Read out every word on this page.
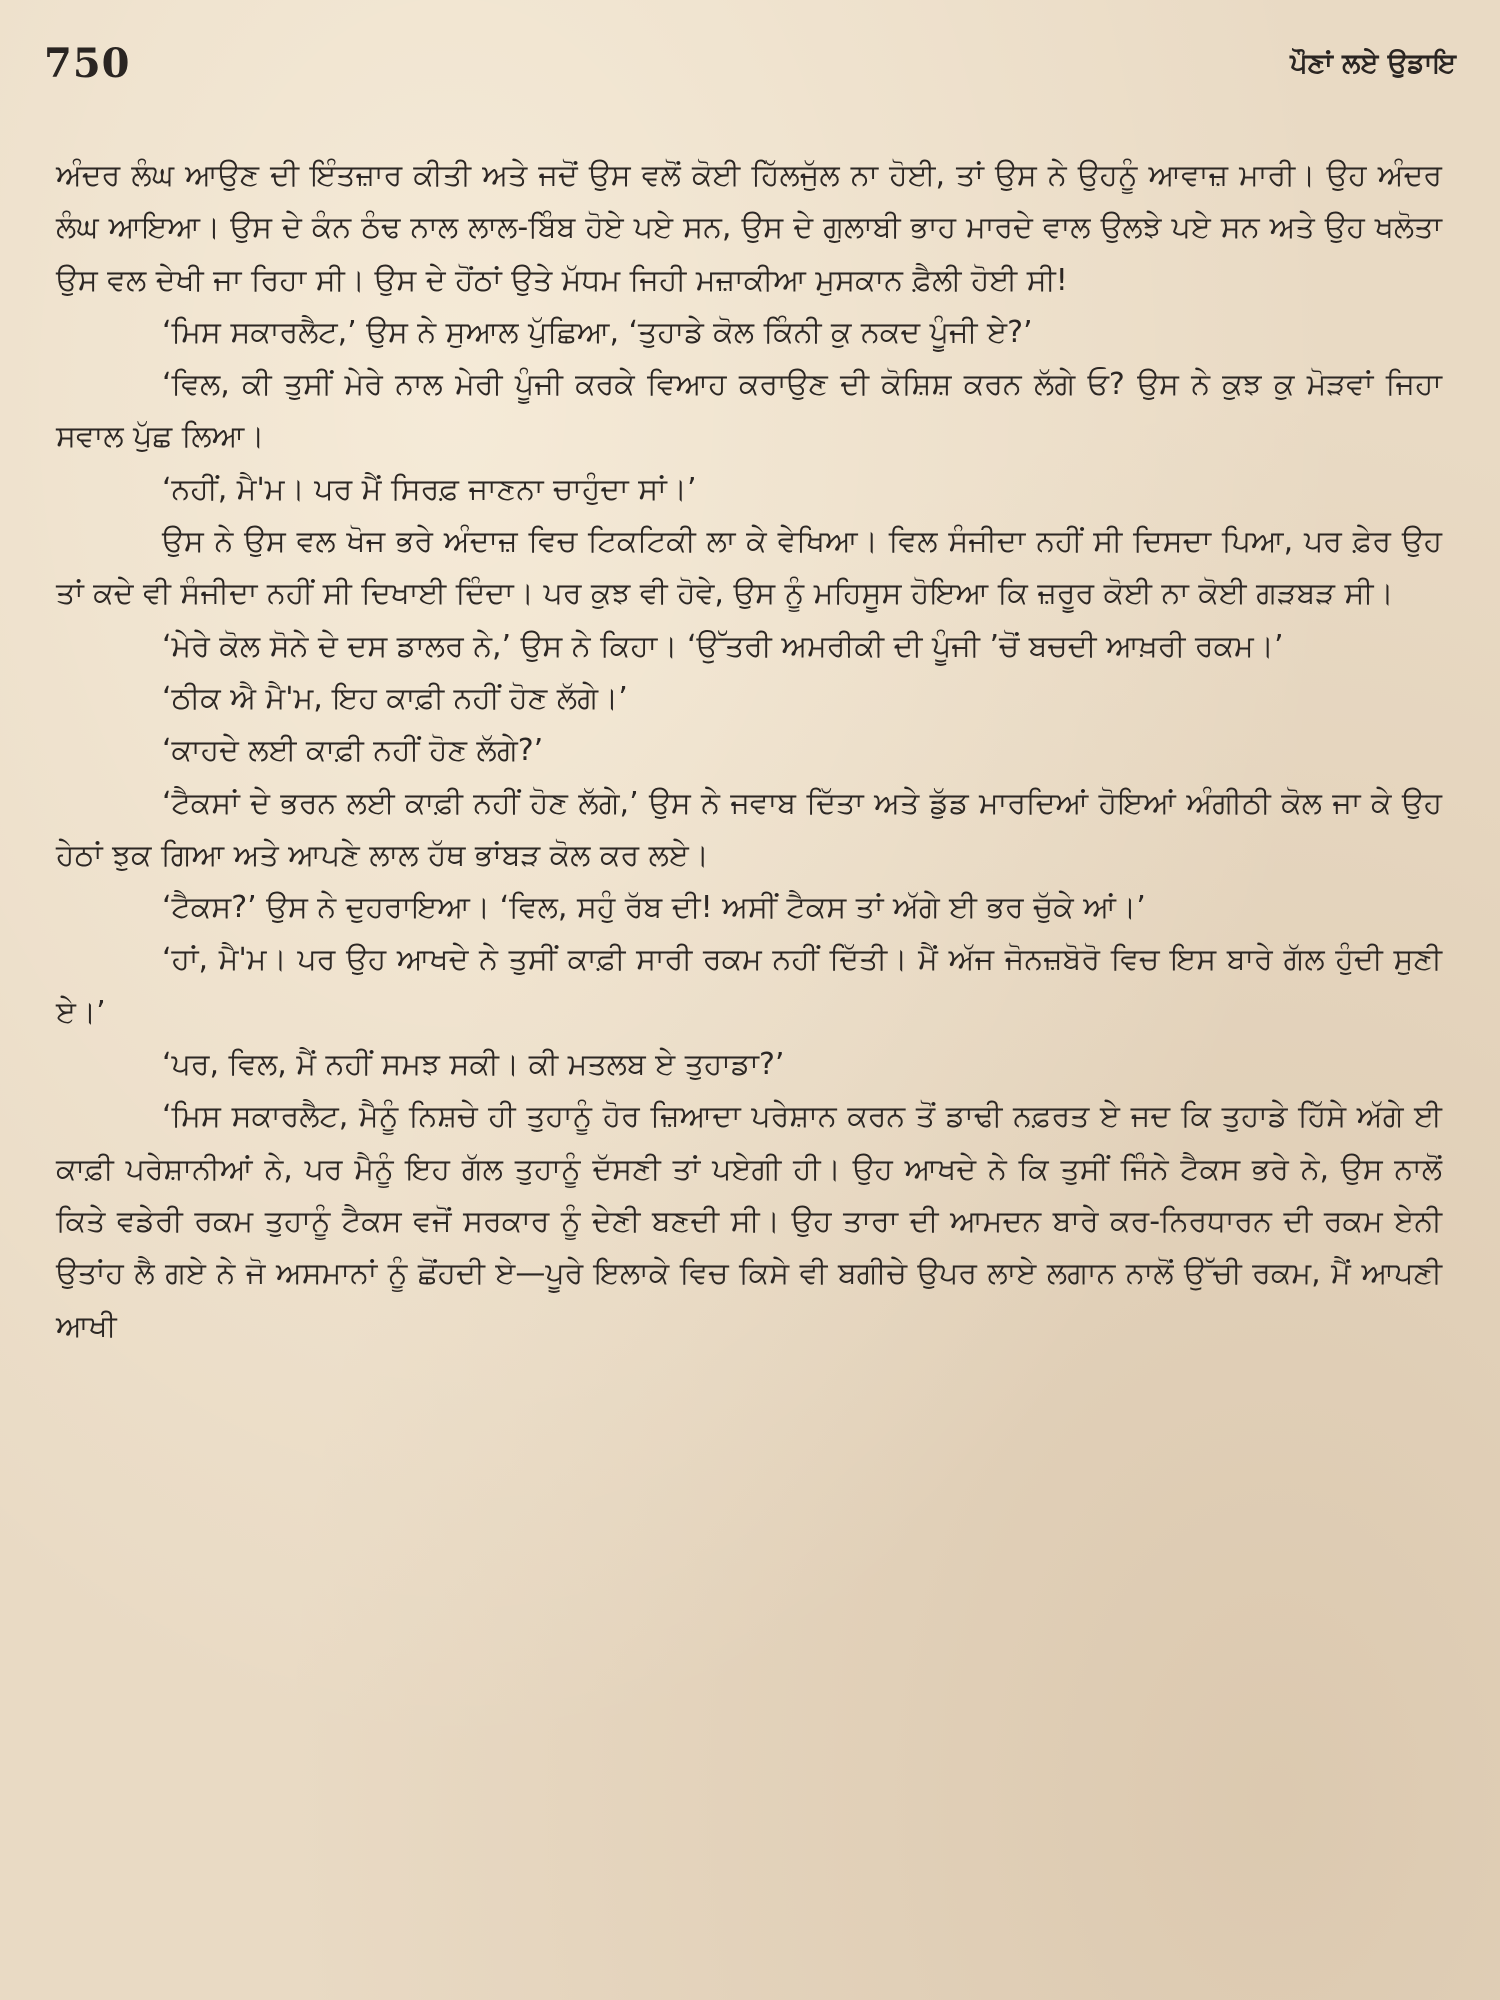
750	ਪੌਣਾਂ ਲਏ ਉਡਾਇ

ਅੰਦਰ ਲੰਘ ਆਉਣ ਦੀ ਇੰਤਜ਼ਾਰ ਕੀਤੀ ਅਤੇ ਜਦੋਂ ਉਸ ਵਲੋਂ ਕੋਈ ਹਿੱਲਜੁੱਲ ਨਾ ਹੋਈ, ਤਾਂ ਉਸ ਨੇ ਉਹਨੂੰ ਆਵਾਜ਼ ਮਾਰੀ। ਉਹ ਅੰਦਰ ਲੰਘ ਆਇਆ। ਉਸ ਦੇ ਕੰਨ ਠੰਢ ਨਾਲ ਲਾਲ-ਬਿੰਬ ਹੋਏ ਪਏ ਸਨ, ਉਸ ਦੇ ਗੁਲਾਬੀ ਭਾਹ ਮਾਰਦੇ ਵਾਲ ਉਲਝੇ ਪਏ ਸਨ ਅਤੇ ਉਹ ਖਲੋਤਾ ਉਸ ਵਲ ਦੇਖੀ ਜਾ ਰਿਹਾ ਸੀ। ਉਸ ਦੇ ਹੋਂਠਾਂ ਉਤੇ ਮੱਧਮ ਜਿਹੀ ਮਜ਼ਾਕੀਆ ਮੁਸਕਾਨ ਫ਼ੈਲੀ ਹੋਈ ਸੀ!

‘ਮਿਸ ਸਕਾਰਲੈਟ,’ ਉਸ ਨੇ ਸੁਆਲ ਪੁੱਛਿਆ, ‘ਤੁਹਾਡੇ ਕੋਲ ਕਿੰਨੀ ਕੁ ਨਕਦ ਪੂੰਜੀ ਏ?’

‘ਵਿਲ, ਕੀ ਤੁਸੀਂ ਮੇਰੇ ਨਾਲ ਮੇਰੀ ਪੂੰਜੀ ਕਰਕੇ ਵਿਆਹ ਕਰਾਉਣ ਦੀ ਕੋਸ਼ਿਸ਼ ਕਰਨ ਲੱਗੇ ਓ? ਉਸ ਨੇ ਕੁਝ ਕੁ ਮੋੜਵਾਂ ਜਿਹਾ ਸਵਾਲ ਪੁੱਛ ਲਿਆ।

‘ਨਹੀਂ, ਮੈ'ਮ। ਪਰ ਮੈਂ ਸਿਰਫ਼ ਜਾਣਨਾ ਚਾਹੁੰਦਾ ਸਾਂ।’

ਉਸ ਨੇ ਉਸ ਵਲ ਖੋਜ ਭਰੇ ਅੰਦਾਜ਼ ਵਿਚ ਟਿਕਟਿਕੀ ਲਾ ਕੇ ਵੇਖਿਆ। ਵਿਲ ਸੰਜੀਦਾ ਨਹੀਂ ਸੀ ਦਿਸਦਾ ਪਿਆ, ਪਰ ਫ਼ੇਰ ਉਹ ਤਾਂ ਕਦੇ ਵੀ ਸੰਜੀਦਾ ਨਹੀਂ ਸੀ ਦਿਖਾਈ ਦਿੰਦਾ। ਪਰ ਕੁਝ ਵੀ ਹੋਵੇ, ਉਸ ਨੂੰ ਮਹਿਸੂਸ ਹੋਇਆ ਕਿ ਜ਼ਰੂਰ ਕੋਈ ਨਾ ਕੋਈ ਗੜਬੜ ਸੀ।

‘ਮੇਰੇ ਕੋਲ ਸੋਨੇ ਦੇ ਦਸ ਡਾਲਰ ਨੇ,’ ਉਸ ਨੇ ਕਿਹਾ। ‘ਉੱਤਰੀ ਅਮਰੀਕੀ ਦੀ ਪੂੰਜੀ ’ਚੋਂ ਬਚਦੀ ਆਖ਼ਰੀ ਰਕਮ।’

‘ਠੀਕ ਐ ਮੈ'ਮ, ਇਹ ਕਾਫ਼ੀ ਨਹੀਂ ਹੋਣ ਲੱਗੇ।’

‘ਕਾਹਦੇ ਲਈ ਕਾਫ਼ੀ ਨਹੀਂ ਹੋਣ ਲੱਗੇ?’

‘ਟੈਕਸਾਂ ਦੇ ਭਰਨ ਲਈ ਕਾਫ਼ੀ ਨਹੀਂ ਹੋਣ ਲੱਗੇ,’ ਉਸ ਨੇ ਜਵਾਬ ਦਿੱਤਾ ਅਤੇ ਡੁੱਡ ਮਾਰਦਿਆਂ ਹੋਇਆਂ ਅੰਗੀਠੀ ਕੋਲ ਜਾ ਕੇ ਉਹ ਹੇਠਾਂ ਝੁਕ ਗਿਆ ਅਤੇ ਆਪਣੇ ਲਾਲ ਹੱਥ ਭਾਂਬੜ ਕੋਲ ਕਰ ਲਏ।

‘ਟੈਕਸ?’ ਉਸ ਨੇ ਦੁਹਰਾਇਆ। ‘ਵਿਲ, ਸਹੁੰ ਰੱਬ ਦੀ! ਅਸੀਂ ਟੈਕਸ ਤਾਂ ਅੱਗੇ ਈ ਭਰ ਚੁੱਕੇ ਆਂ।’

‘ਹਾਂ, ਮੈ'ਮ। ਪਰ ਉਹ ਆਖਦੇ ਨੇ ਤੁਸੀਂ ਕਾਫ਼ੀ ਸਾਰੀ ਰਕਮ ਨਹੀਂ ਦਿੱਤੀ। ਮੈਂ ਅੱਜ ਜੋਨਜ਼ਬੋਰੋ ਵਿਚ ਇਸ ਬਾਰੇ ਗੱਲ ਹੁੰਦੀ ਸੁਣੀ ਏ।’

‘ਪਰ, ਵਿਲ, ਮੈਂ ਨਹੀਂ ਸਮਝ ਸਕੀ। ਕੀ ਮਤਲਬ ਏ ਤੁਹਾਡਾ?’

‘ਮਿਸ ਸਕਾਰਲੈਟ, ਮੈਨੂੰ ਨਿਸ਼ਚੇ ਹੀ ਤੁਹਾਨੂੰ ਹੋਰ ਜ਼ਿਆਦਾ ਪਰੇਸ਼ਾਨ ਕਰਨ ਤੋਂ ਡਾਢੀ ਨਫ਼ਰਤ ਏ ਜਦ ਕਿ ਤੁਹਾਡੇ ਹਿੱਸੇ ਅੱਗੇ ਈ ਕਾਫ਼ੀ ਪਰੇਸ਼ਾਨੀਆਂ ਨੇ, ਪਰ ਮੈਨੂੰ ਇਹ ਗੱਲ ਤੁਹਾਨੂੰ ਦੱਸਣੀ ਤਾਂ ਪਏਗੀ ਹੀ। ਉਹ ਆਖਦੇ ਨੇ ਕਿ ਤੁਸੀਂ ਜਿੰਨੇ ਟੈਕਸ ਭਰੇ ਨੇ, ਉਸ ਨਾਲੋਂ ਕਿਤੇ ਵਡੇਰੀ ਰਕਮ ਤੁਹਾਨੂੰ ਟੈਕਸ ਵਜੋਂ ਸਰਕਾਰ ਨੂੰ ਦੇਣੀ ਬਣਦੀ ਸੀ। ਉਹ ਤਾਰਾ ਦੀ ਆਮਦਨ ਬਾਰੇ ਕਰ-ਨਿਰਧਾਰਨ ਦੀ ਰਕਮ ਏਨੀ ਉਤਾਂਹ ਲੈ ਗਏ ਨੇ ਜੋ ਅਸਮਾਨਾਂ ਨੂੰ ਛੋਂਹਦੀ ਏ—ਪੂਰੇ ਇਲਾਕੇ ਵਿਚ ਕਿਸੇ ਵੀ ਬਗੀਚੇ ਉਪਰ ਲਾਏ ਲਗਾਨ ਨਾਲੋਂ ਉੱਚੀ ਰਕਮ, ਮੈਂ ਆਪਣੀ ਆਖੀ
